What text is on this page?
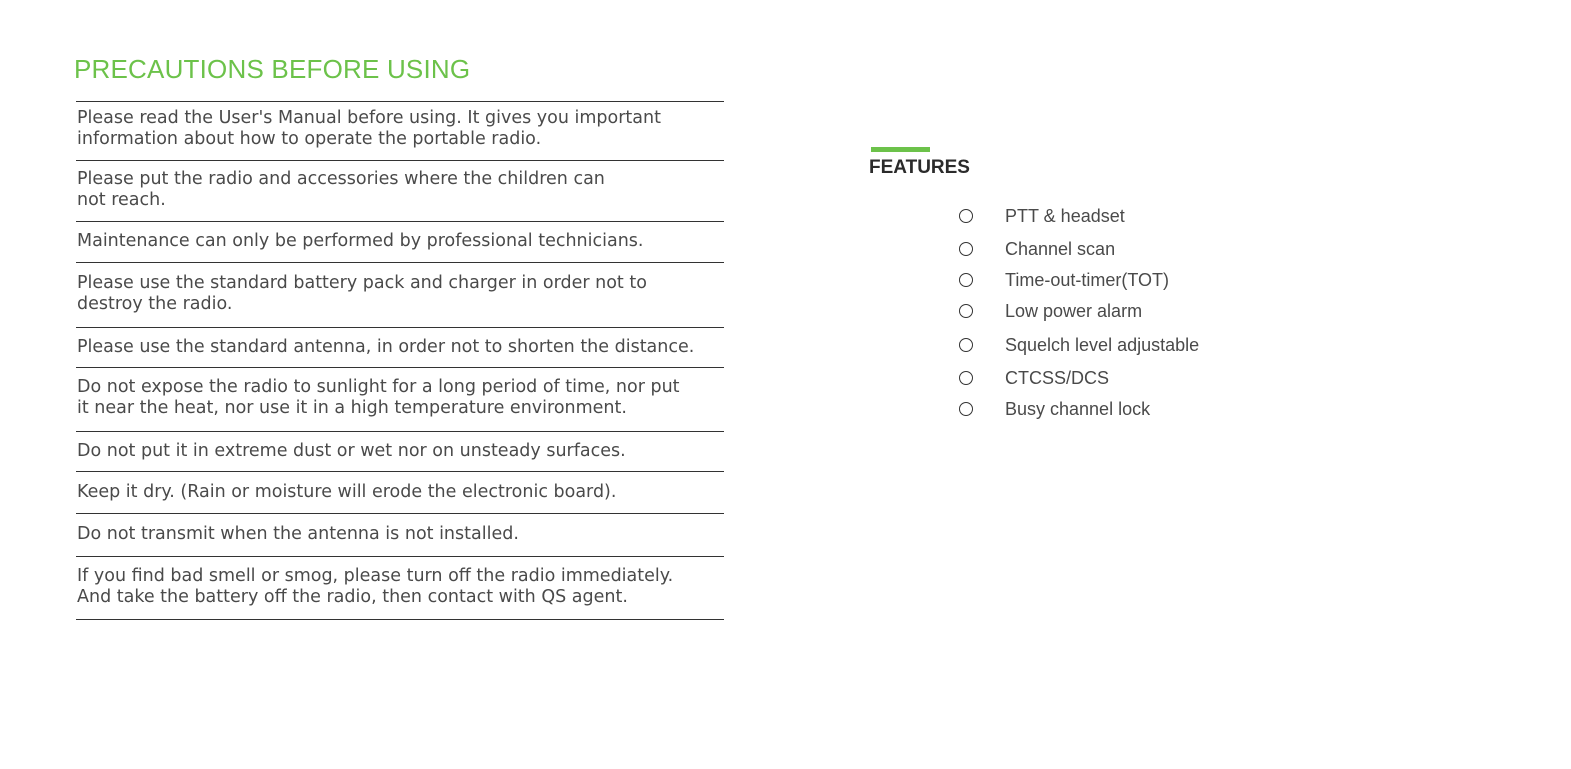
PRECAUTIONS BEFORE USING
Please read the User's Manual before using. It gives you important
information about how to operate the portable radio.
Please put the radio and accessories where the children can
not reach.
Maintenance can only be performed by professional technicians.
Please use the standard battery pack and charger in order not to
destroy the radio.
Please use the standard antenna, in order not to shorten the distance.
Do not expose the radio to sunlight for a long period of time, nor put
it near the heat, nor use it in a high temperature environment.
Do not put it in extreme dust or wet nor on unsteady surfaces.
Keep it dry. (Rain or moisture will erode the electronic board).
Do not transmit when the antenna is not installed.
If you find bad smell or smog, please turn off the radio immediately.
And take the battery off the radio, then contact with QS agent.
FEATURES
PTT & headset
Channel scan
Time-out-timer(TOT)
Low power alarm
Squelch level adjustable
CTCSS/DCS
Busy channel lock
